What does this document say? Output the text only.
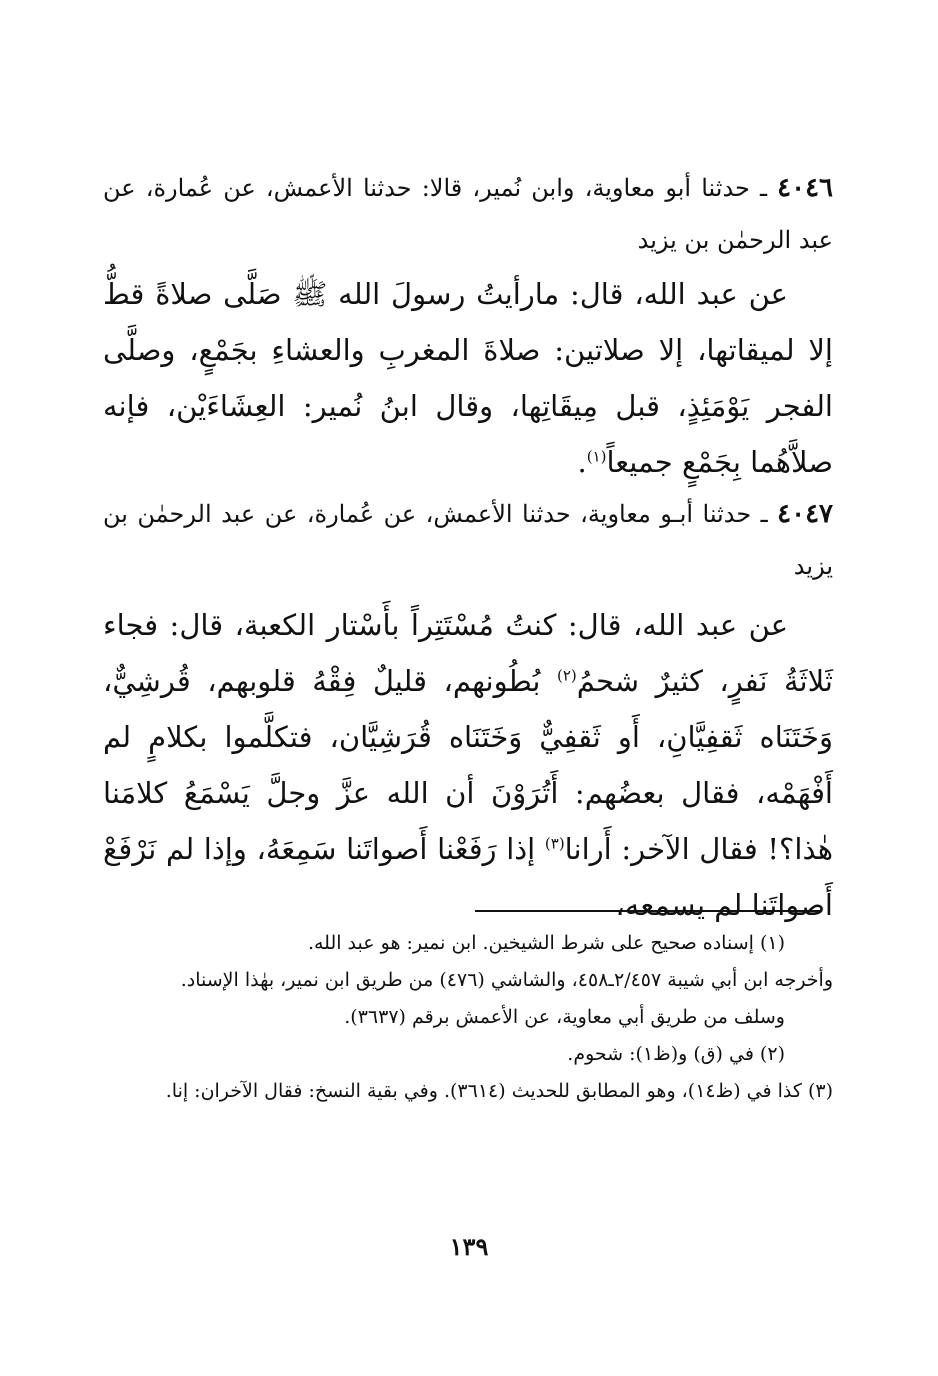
٤٠٤٦ ـ حدثنا أبو معاوية، وابن نُمير، قالا: حدثنا الأعمش، عن عُمارة، عن عبد الرحمٰن بن يزيد
عن عبد الله، قال: مارأيتُ رسولَ الله ﷺ صَلَّى صلاةً قطُّ إلا لميقاتها، إلا صلاتين: صلاةَ المغربِ والعشاءِ بجَمْعٍ، وصلَّى الفجر يَوْمَئِذٍ، قبل مِيقَاتِها، وقال ابنُ نُمير: العِشَاءَيْن، فإنه صلاَّهُما بِجَمْعٍ جميعاً$^{(١)}$.
٤٠٤٧ ـ حدثنا أبـو معاوية، حدثنا الأعمش، عن عُمارة، عن عبد الرحمٰن بن يزيد
عن عبد الله، قال: كنتُ مُسْتَتِراً بأَسْتار الكعبة، قال: فجاء ثَلاثَةُ نَفرٍ، كثيرٌ شحمُ$^{(٢)}$ بُطُونهم، قليلٌ فِقْهُ قلوبهم، قُرشِيٌّ، وَخَتَنَاه ثَقفِيَّانِ، أَو ثَقفِيٌّ وَخَتَنَاه قُرَشِيَّان، فتكلَّموا بكلامٍ لم أَفْهَمْه، فقال بعضُهم: أَتُرَوْنَ أن الله عزَّ وجلَّ يَسْمَعُ كلامَنا هٰذا؟! فقال الآخر: أَرانا$^{(٣)}$ إذا رَفَعْنا أَصواتَنا سَمِعَهُ، وإذا لم نَرْفَعْ أَصواتَنا لم يسمعه،

(١) إسناده صحيح على شرط الشيخين. ابن نمير: هو عبد الله.

وأخرجه ابن أبي شيبة ٢/٤٥٧ـ٤٥٨، والشاشي (٤٧٦) من طريق ابن نمير، بهٰذا الإسناد.

وسلف من طريق أبي معاوية، عن الأعمش برقم (٣٦٣٧).

(٢) في (ق) و(ظ١): شحوم.

(٣) كذا في (ظ١٤)، وهو المطابق للحديث (٣٦١٤). وفي بقية النسخ: فقال الآخران: إنا.

١٣٩
